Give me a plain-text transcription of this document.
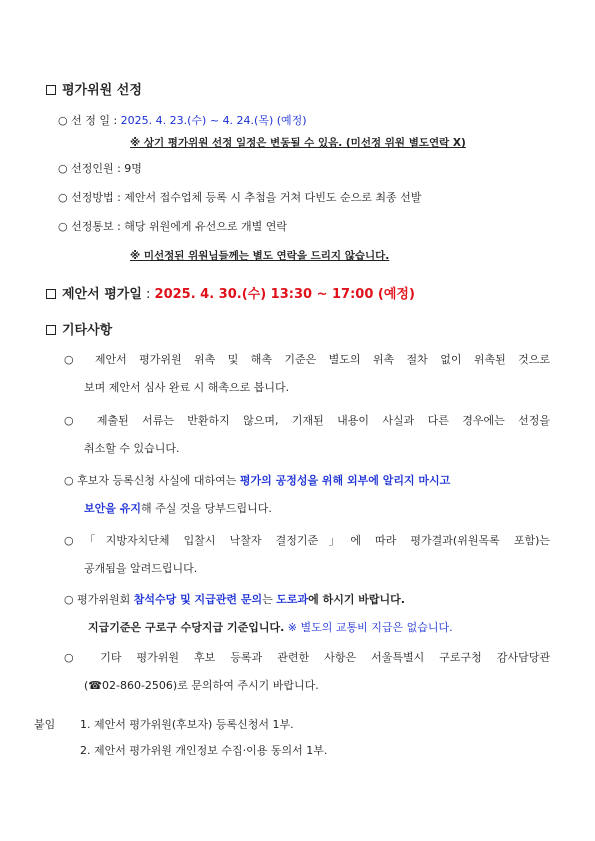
평가위원 선정
○ 선 정 일 : 2025. 4. 23.(수) ~ 4. 24.(목) (예정)
※ 상기 평가위원 선정 일정은 변동될 수 있음. (미선정 위원 별도연락 X)
○ 선정인원 : 9명
○ 선정방법 : 제안서 접수업체 등록 시 추첨을 거쳐 다빈도 순으로 최종 선발
○ 선정통보 : 해당 위원에게 유선으로 개별 연락
※ 미선정된 위원님들께는 별도 연락을 드리지 않습니다.
제안서 평가일 : 2025. 4. 30.(수) 13:30 ~ 17:00 (예정)
기타사항
○ 제안서 평가위원 위촉 및 해촉 기준은 별도의 위촉 절차 없이 위촉된 것으로
보며 제안서 심사 완료 시 해촉으로 봅니다.
○ 제출된 서류는 반환하지 않으며, 기재된 내용이 사실과 다른 경우에는 선정을
취소할 수 있습니다.
○ 후보자 등록신청 사실에 대하여는 평가의 공정성을 위해 외부에 알리지 마시고
보안을 유지해 주실 것을 당부드립니다.
○「지방자치단체 입찰시 낙찰자 결정기준」에 따라 평가결과(위원목록 포함)는
공개됨을 알려드립니다.
○ 평가위원회 참석수당 및 지급관련 문의는 도로과에 하시기 바랍니다.
지급기준은 구로구 수당지급 기준입니다. ※ 별도의 교통비 지급은 없습니다.
○ 기타 평가위원 후보 등록과 관련한 사항은 서울특별시 구로구청 감사담당관
(☎02-860-2506)로 문의하여 주시기 바랍니다.
붙임 1. 제안서 평가위원(후보자) 등록신청서 1부.
2. 제안서 평가위원 개인정보 수집·이용 동의서 1부.
